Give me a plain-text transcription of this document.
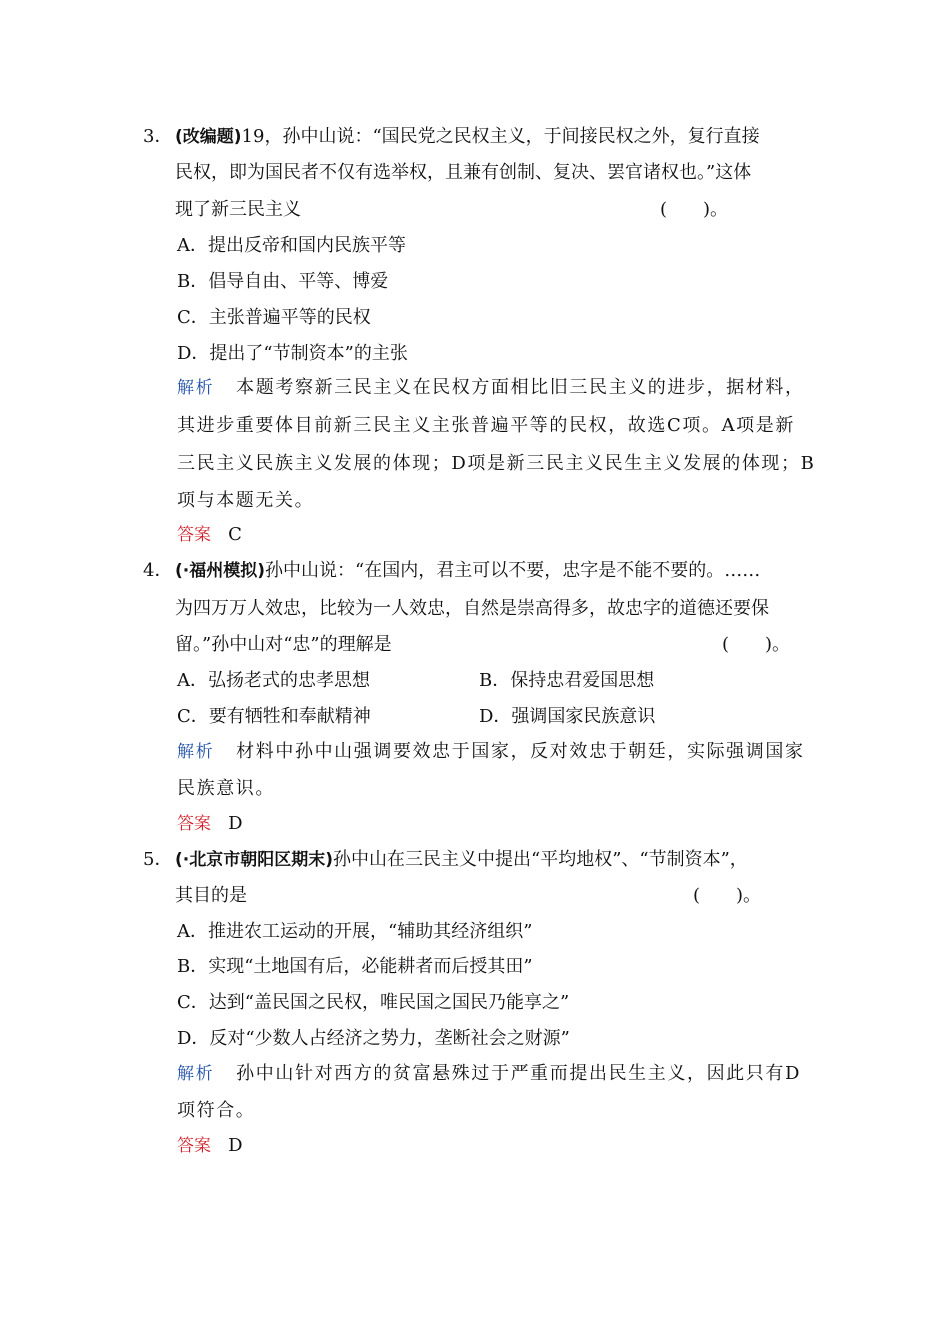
3． (改编题)19，孙中山说：“国民党之民权主义，于间接民权之外，复行直接
民权，即为国民者不仅有选举权，且兼有创制、复决、罢官诸权也。”这体
现了新三民主义	(　　)。
A．提出反帝和国内民族平等
B．倡导自由、平等、博爱
C．主张普遍平等的民权
D．提出了“节制资本”的主张
解析 本题考察新三民主义在民权方面相比旧三民主义的进步，据材料，
其进步重要体目前新三民主义主张普遍平等的民权，故选C项。A项是新
三民主义民族主义发展的体现；D项是新三民主义民生主义发展的体现；B
项与本题无关。
答案 C
4． (·福州模拟)孙中山说：“在国内，君主可以不要，忠字是不能不要的。……
为四万万人效忠，比较为一人效忠，自然是崇高得多，故忠字的道德还要保
留。”孙中山对“忠”的理解是	(　　)。
A．弘扬老式的忠孝思想	B．保持忠君爱国思想
C．要有牺牲和奉献精神	D．强调国家民族意识
解析 材料中孙中山强调要效忠于国家，反对效忠于朝廷，实际强调国家
民族意识。
答案 D
5． (·北京市朝阳区期末)孙中山在三民主义中提出“平均地权”、“节制资本”，
其目的是	(　　)。
A．推进农工运动的开展，“辅助其经济组织”
B．实现“土地国有后，必能耕者而后授其田”
C．达到“盖民国之民权，唯民国之国民乃能享之”
D．反对“少数人占经济之势力，垄断社会之财源”
解析 孙中山针对西方的贫富悬殊过于严重而提出民生主义，因此只有D
项符合。
答案 D
